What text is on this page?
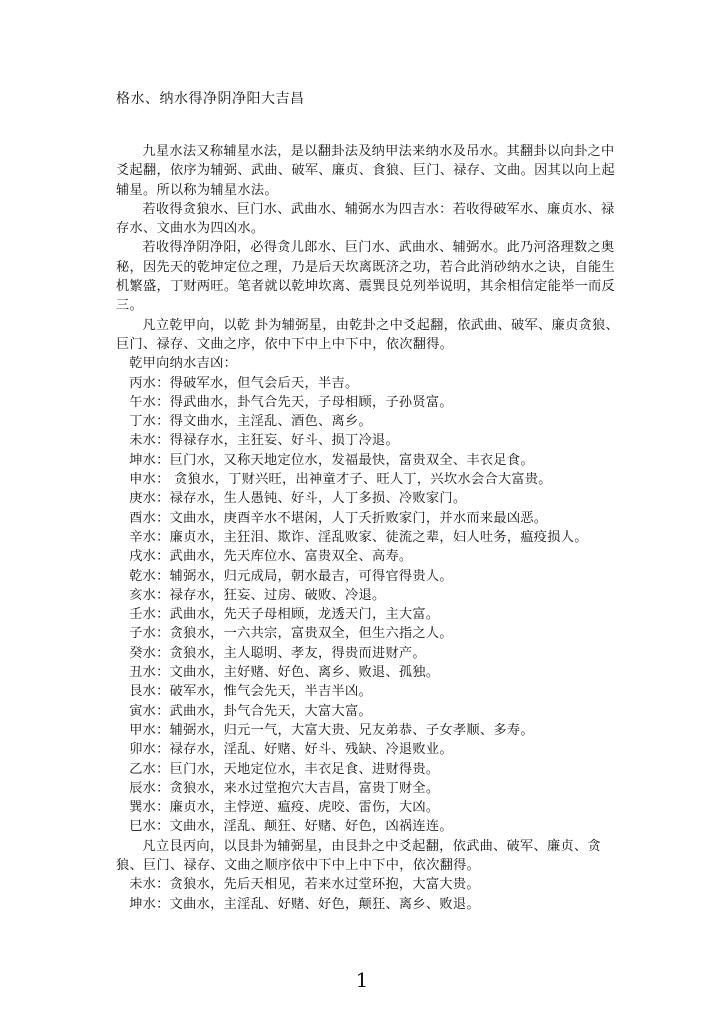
格水、纳水得净阴净阳大吉昌

九星水法又称辅星水法，是以翻卦法及纳甲法来纳水及吊水。其翻卦以向卦之中爻起翻，依序为辅弼、武曲、破军、廉贞、食狼、巨门、禄存、文曲。因其以向上起辅星。所以称为辅星水法。

若收得贪狼水、巨门水、武曲水、辅弼水为四吉水：若收得破军水、廉贞水、禄存水、文曲水为四凶水。

若收得净阴净阳，必得贪儿郎水、巨门水、武曲水、辅弼水。此乃河洛理数之奥秘，因先天的乾坤定位之理，乃是后天坎离既济之功，若合此消砂纳水之诀，自能生机繁盛，丁财两旺。笔者就以乾坤坎离、震巽艮兑列举说明，其余相信定能举一而反三。

凡立乾甲向，以乾 卦为辅弼星，由乾卦之中爻起翻，依武曲、破军、廉贞贪狼、巨门、禄存、文曲之序，依中下中上中下中，依次翻得。

乾甲向纳水吉凶：

丙水：得破军水，但气会后天，半吉。

午水：得武曲水，卦气合先天，子母相顾，子孙贤富。

丁水：得文曲水，主淫乱、酒色、离乡。

未水：得禄存水，主狂妄、好斗、损丁冷退。

坤水：巨门水，又称天地定位水，发福最快，富贵双全、丰衣足食。

申水： 贪狼水，丁财兴旺，出神童才子、旺人丁，兴坎水会合大富贵。

庚水：禄存水，生人愚钝、好斗，人丁多损、冷败家门。

酉水：文曲水，庚酉辛水不堪闲，人丁夭折败家门，并水而来最凶恶。

辛水：廉贞水，主狂泪、欺诈、淫乱败家、徒流之辈，妇人吐务，瘟疫损人。

戌水：武曲水，先天库位水、富贵双全、高寿。

乾水：辅弼水，归元成局，朝水最吉，可得官得贵人。

亥水：禄存水，狂妄、过房、破败、冷退。

壬水：武曲水，先天子母相顾，龙透天门，主大富。

子水：贪狼水，一六共宗，富贵双全，但生六指之人。

癸水：贪狼水，主人聪明、孝友，得贵而进财产。

丑水：文曲水，主好赌、好色、离乡、败退、孤独。

艮水：破军水，惟气会先天，半吉半凶。

寅水：武曲水，卦气合先天，大富大富。

甲水：辅弼水，归元一气，大富大贵、兄友弟恭、子女孝顺、多寿。

卯水：禄存水，淫乱、好赌、好斗、残缺、冷退败业。

乙水：巨门水，天地定位水，丰衣足食、进财得贵。

辰水：贪狼水，来水过堂抱穴大吉昌，富贵丁财全。

巽水：廉贞水，主悖逆、瘟疫、虎咬、雷伤，大凶。

巳水：文曲水，淫乱、颠狂、好赌、好色，凶祸连连。

凡立艮丙向，以艮卦为辅弼星，由艮卦之中爻起翻，依武曲、破军、廉贞、贪狼、巨门、禄存、文曲之顺序依中下中上中下中，依次翻得。

未水：贪狼水，先后天相见，若来水过堂环抱，大富大贵。

坤水：文曲水，主淫乱、好赌、好色，颠狂、离乡、败退。

1
